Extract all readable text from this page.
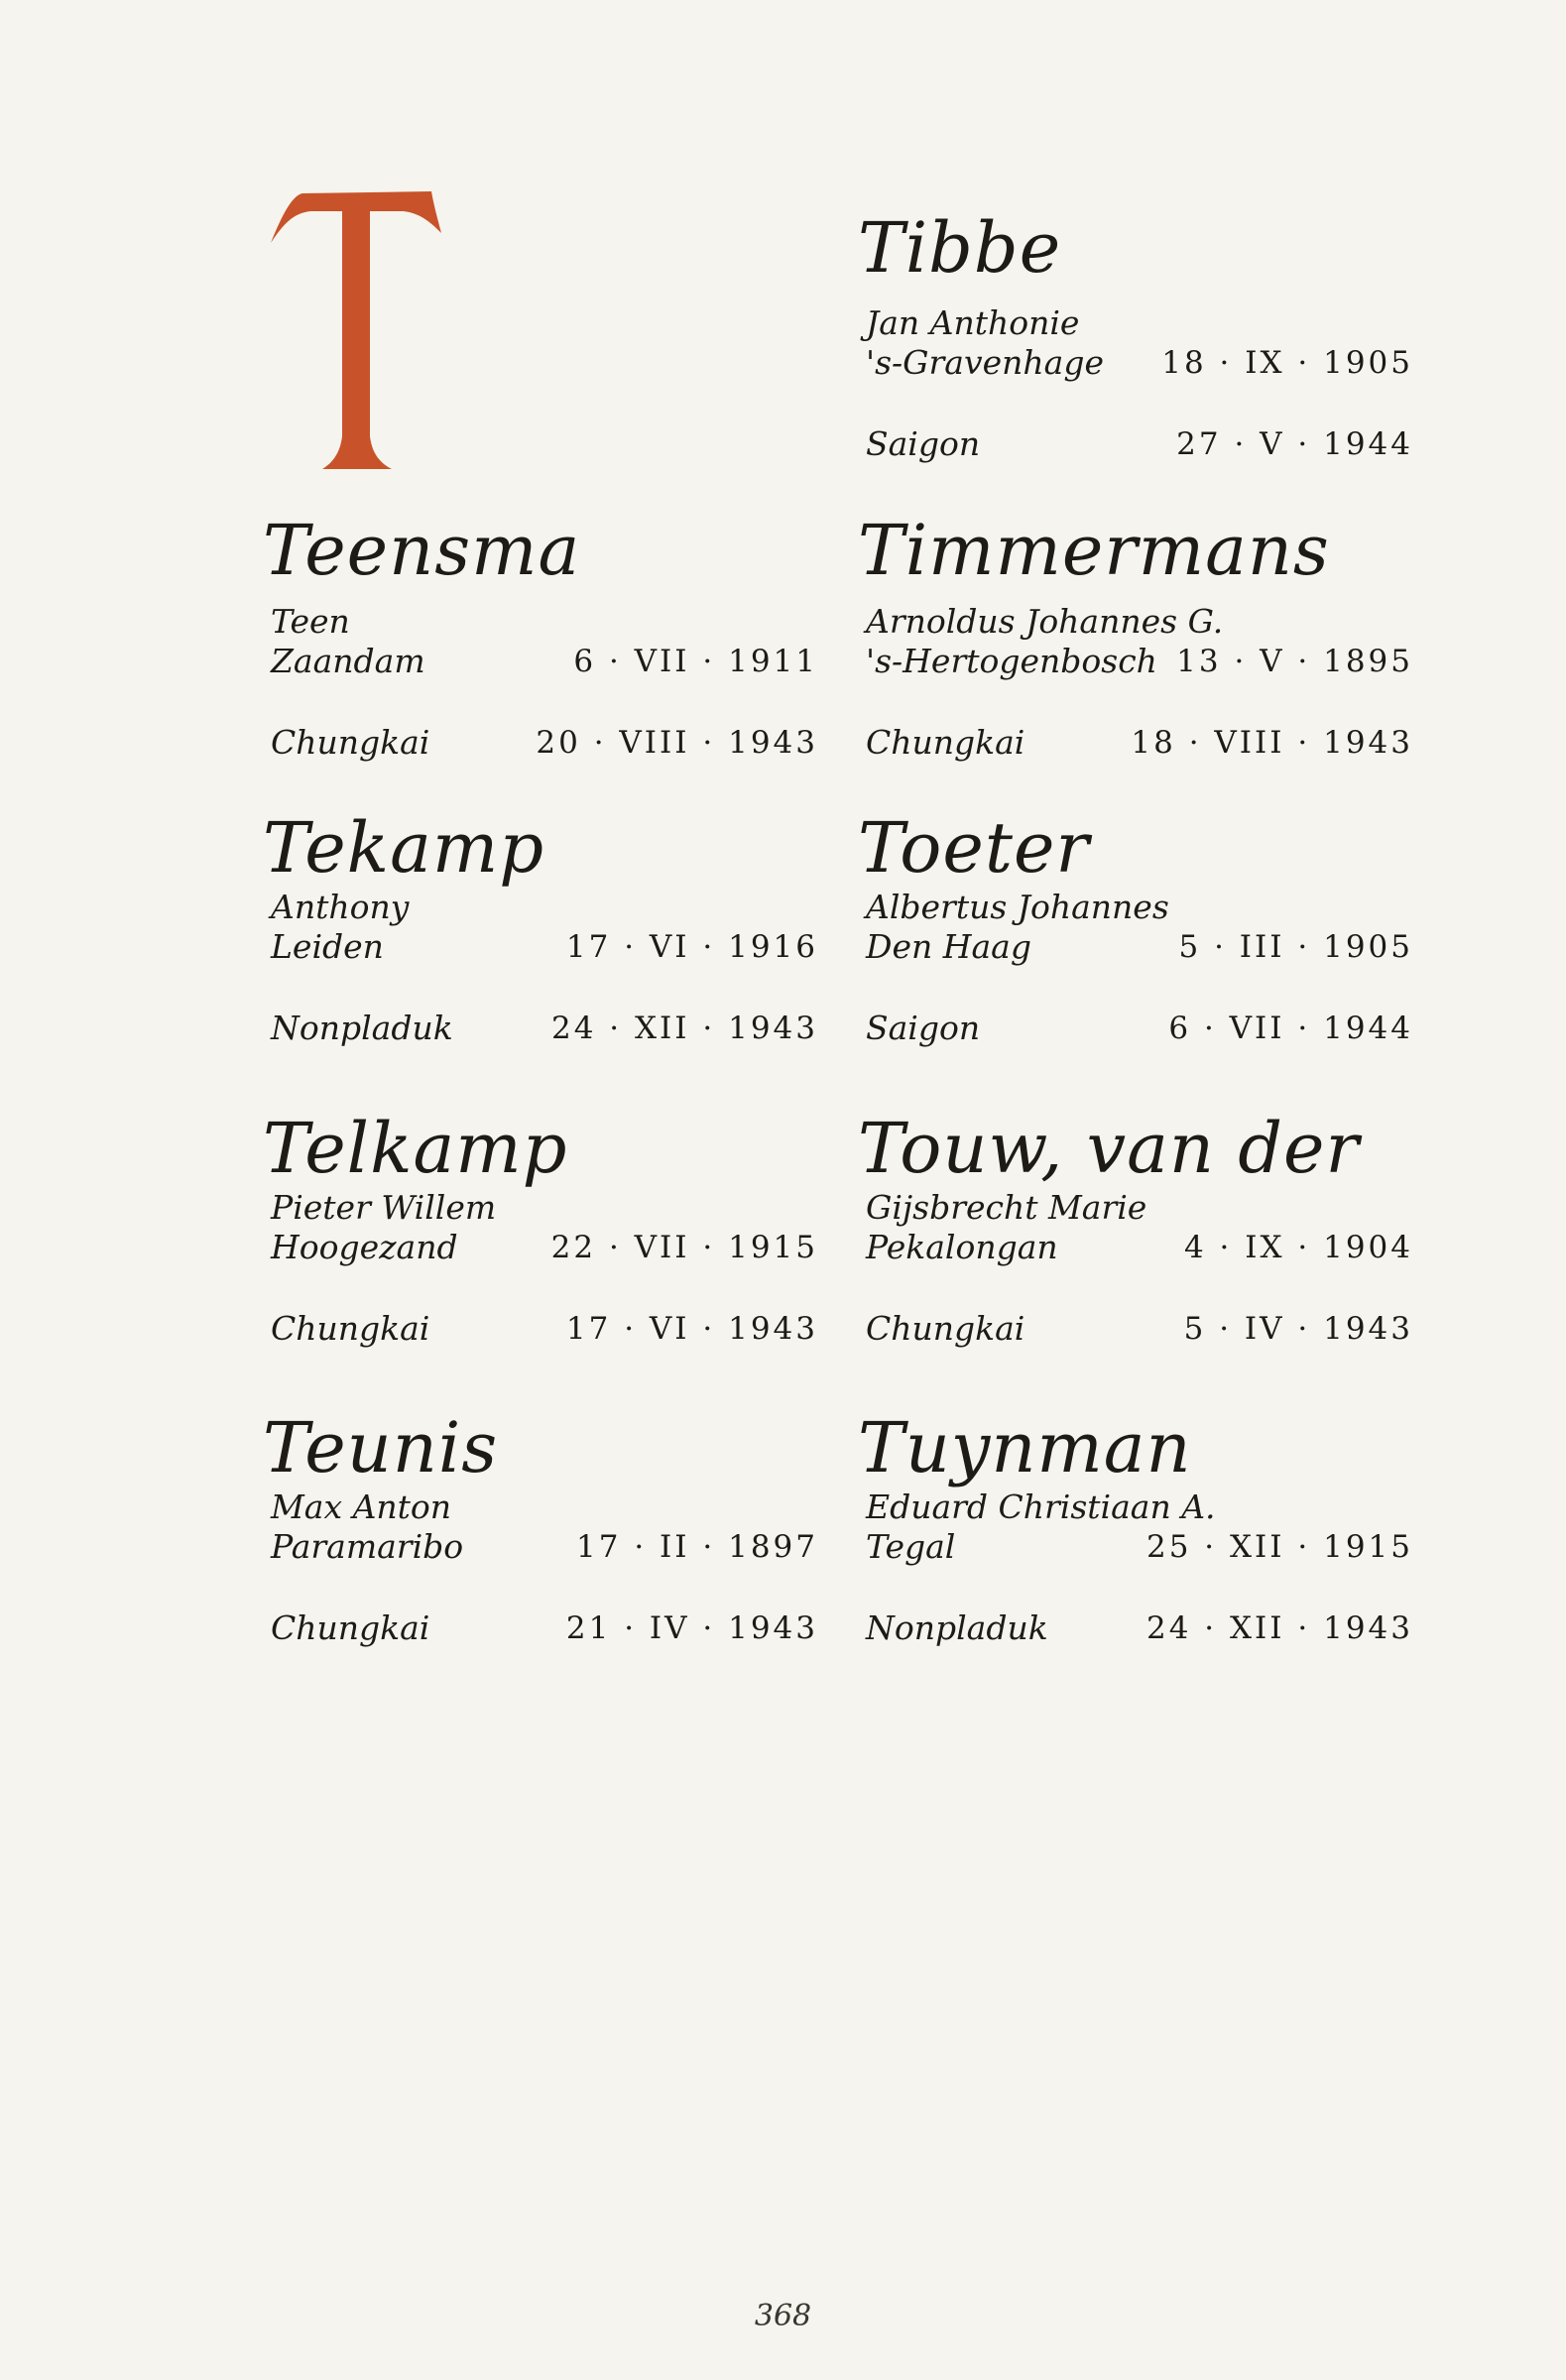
Teensma
Teen
Zaandam	6 · VII · 1911
Chungkai	20 · VIII · 1943
Tekamp
Anthony
Leiden	17 · VI · 1916
Nonpladuk	24 · XII · 1943
Telkamp
Pieter Willem
Hoogezand	22 · VII · 1915
Chungkai	17 · VI · 1943
Teunis
Max Anton
Paramaribo	17 · II · 1897
Chungkai	21 · IV · 1943
Tibbe
Jan Anthonie
's-Gravenhage 18 · IX · 1905
Saigon	27 · V · 1944
Timmermans
Arnoldus Johannes G.
's-Hertogenbosch 13 · V · 1895
Chungkai	18 · VIII · 1943
Toeter
Albertus Johannes
Den Haag	5 · III · 1905
Saigon	6 · VII · 1944
Touw, van der
Gijsbrecht Marie
Pekalongan	4 · IX · 1904
Chungkai	5 · IV · 1943
Tuynman
Eduard Christiaan A.
Tegal	25 · XII · 1915
Nonpladuk	24 · XII · 1943
368
